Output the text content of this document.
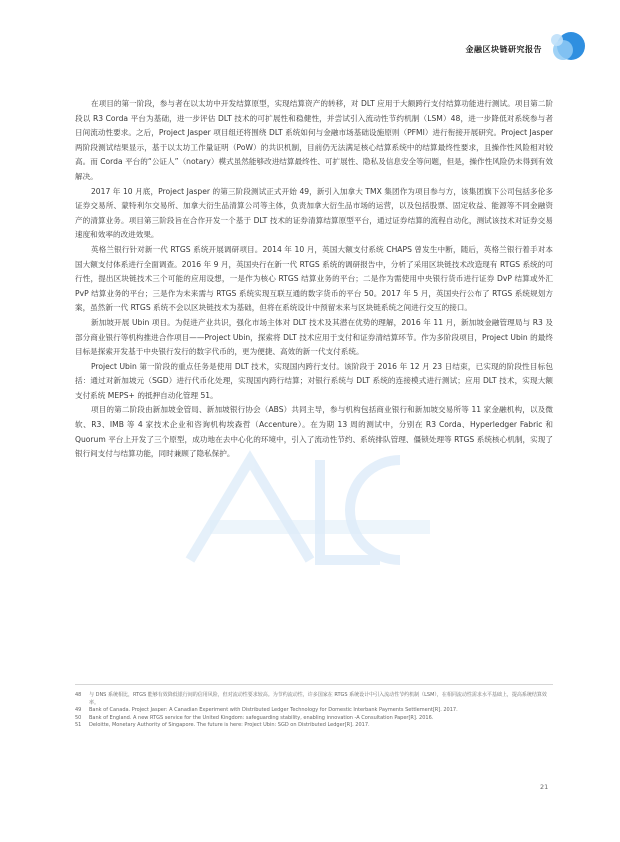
金融区块链研究报告

在项目的第一阶段，参与者在以太坊中开发结算原型，实现结算资产的转移，对 DLT 应用于大额跨行支付结算功能进行测试。项目第二阶段以 R3 Corda 平台为基础，进一步评估 DLT 技术的可扩展性和稳健性，并尝试引入流动性节约机制（LSM）48，进一步降低对系统参与者日间流动性要求。之后，Project Jasper 项目组还将围绕 DLT 系统如何与金融市场基础设施原则（PFMI）进行衔接开展研究。Project Jasper 两阶段测试结果显示，基于以太坊工作量证明（PoW）的共识机制，目前仍无法满足核心结算系统中的结算最终性要求，且操作性风险相对较高。而 Corda 平台的“公证人”（notary）模式虽然能够改进结算最终性、可扩展性、隐私及信息安全等问题，但是，操作性风险仍未得到有效解决。

2017 年 10 月底，Project Jasper 的第三阶段测试正式开始 49，新引入加拿大 TMX 集团作为项目参与方，该集团旗下公司包括多伦多证券交易所、蒙特利尔交易所、加拿大衍生品清算公司等主体，负责加拿大衍生品市场的运营，以及包括股票、固定收益、能源等不同金融资产的清算业务。项目第三阶段旨在合作开发一个基于 DLT 技术的证券清算结算原型平台，通过证券结算的流程自动化，测试该技术对证券交易速度和效率的改进效果。

英格兰银行针对新一代 RTGS 系统开展调研项目。2014 年 10 月，英国大额支付系统 CHAPS 曾发生中断，随后，英格兰银行着手对本国大额支付体系进行全面调查。2016 年 9 月，英国央行在新一代 RTGS 系统的调研报告中，分析了采用区块链技术改造现有 RTGS 系统的可行性，提出区块链技术三个可能的应用设想，一是作为核心 RTGS 结算业务的平台；二是作为需使用中央银行货币进行证券 DvP 结算或外汇 PvP 结算业务的平台；三是作为未来需与 RTGS 系统实现互联互通的数字货币的平台 50。2017 年 5 月，英国央行公布了 RTGS 系统规划方案，虽然新一代 RTGS 系统不会以区块链技术为基础，但将在系统设计中预留未来与区块链系统之间进行交互的接口。

新加坡开展 Ubin 项目。为促进产业共识，强化市场主体对 DLT 技术及其潜在优势的理解，2016 年 11 月，新加坡金融管理局与 R3 及部分商业银行等机构推进合作项目——Project Ubin，探索将 DLT 技术应用于支付和证券清结算环节。作为多阶段项目，Project Ubin 的最终目标是探索开发基于中央银行发行的数字代币的，更为便捷、高效的新一代支付系统。

Project Ubin 第一阶段的重点任务是使用 DLT 技术，实现国内跨行支付。该阶段于 2016 年 12 月 23 日结束，已实现的阶段性目标包括：通过对新加坡元（SGD）进行代币化处理，实现国内跨行结算；对银行系统与 DLT 系统的连接模式进行测试；应用 DLT 技术，实现大额支付系统 MEPS+ 的抵押自动化管理 51。

项目的第二阶段由新加坡金管局、新加坡银行协会（ABS）共同主导，参与机构包括商业银行和新加坡交易所等 11 家金融机构，以及微软、R3、IMB 等 4 家技术企业和咨询机构埃森哲（Accenture）。在为期 13 周的测试中，分别在 R3 Corda、Hyperledger Fabric 和 Quorum 平台上开发了三个原型，成功地在去中心化的环境中，引入了流动性节约、系统排队管理、僵锁处理等 RTGS 系统核心机制，实现了银行间支付与结算功能，同时兼顾了隐私保护。

48	与 DNS 系统相比，RTGS 能够有效降低银行间的信用风险，但对流动性要求较高。为节约流动性，许多国家在 RTGS 系统设计中引入流动性节约机制（LSM），在相同流动性需求水平基础上，提高系统结算效率。
49	Bank of Canada. Project Jasper: A Canadian Experiment with Distributed Ledger Technology for Domestic Interbank Payments Settlement[R]. 2017.
50	Bank of England. A new RTGS service for the United Kingdom: safeguarding stability, enabling innovation -A Consultation Paper[R]. 2016.
51	Deloitte, Monetary Authority of Singapore. The future is here: Project Ubin: SGD on Distributed Ledger[R]. 2017.
21
